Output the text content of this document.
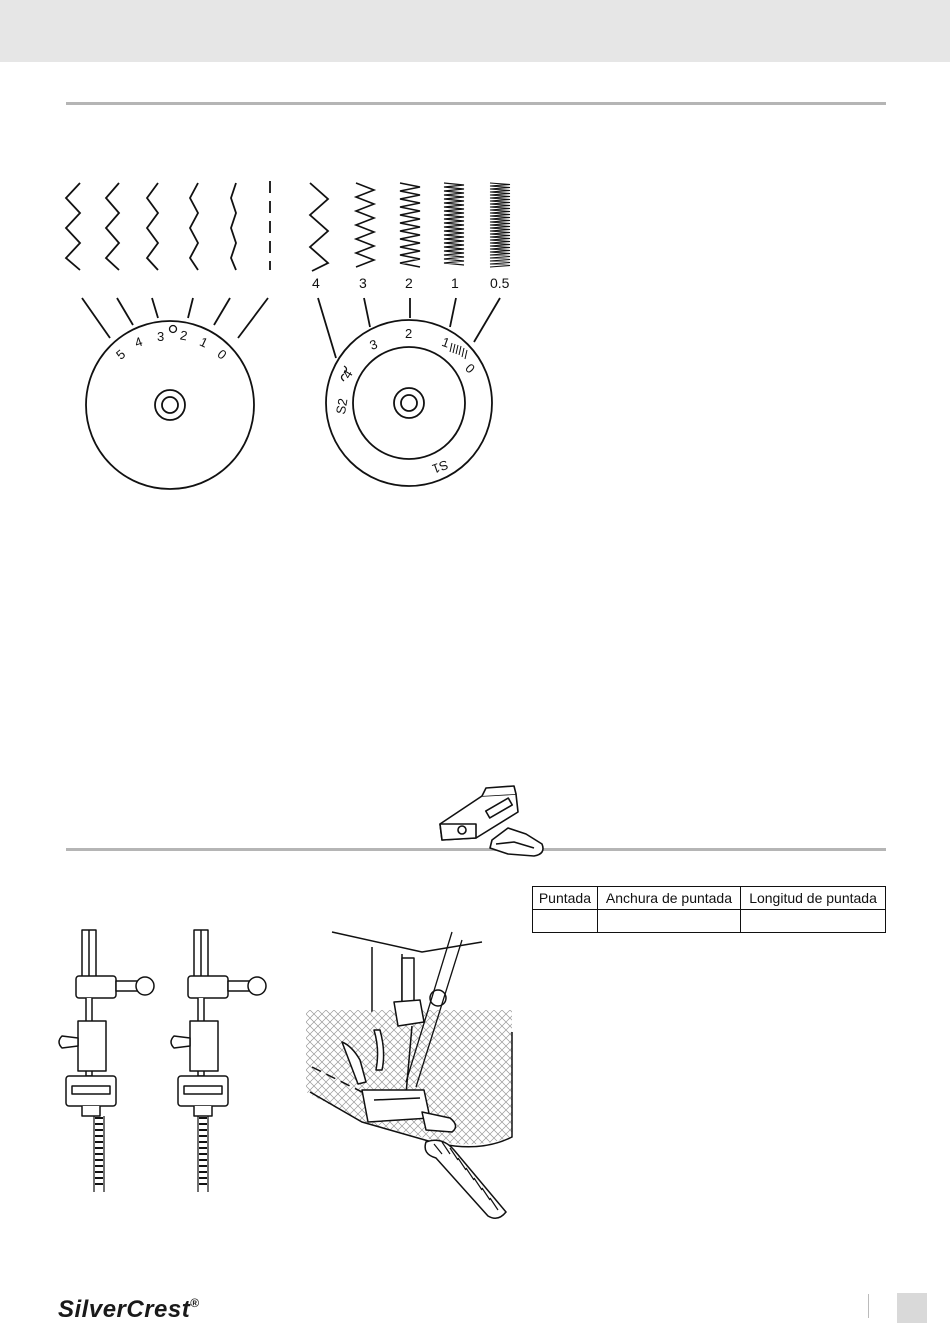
5
4 3 2 1
0
4	3	2	1 0.5
3
2
1
0
S2
4
S1
Puntada	Anchura de puntada	Longitud de puntada

SilverCrest®
